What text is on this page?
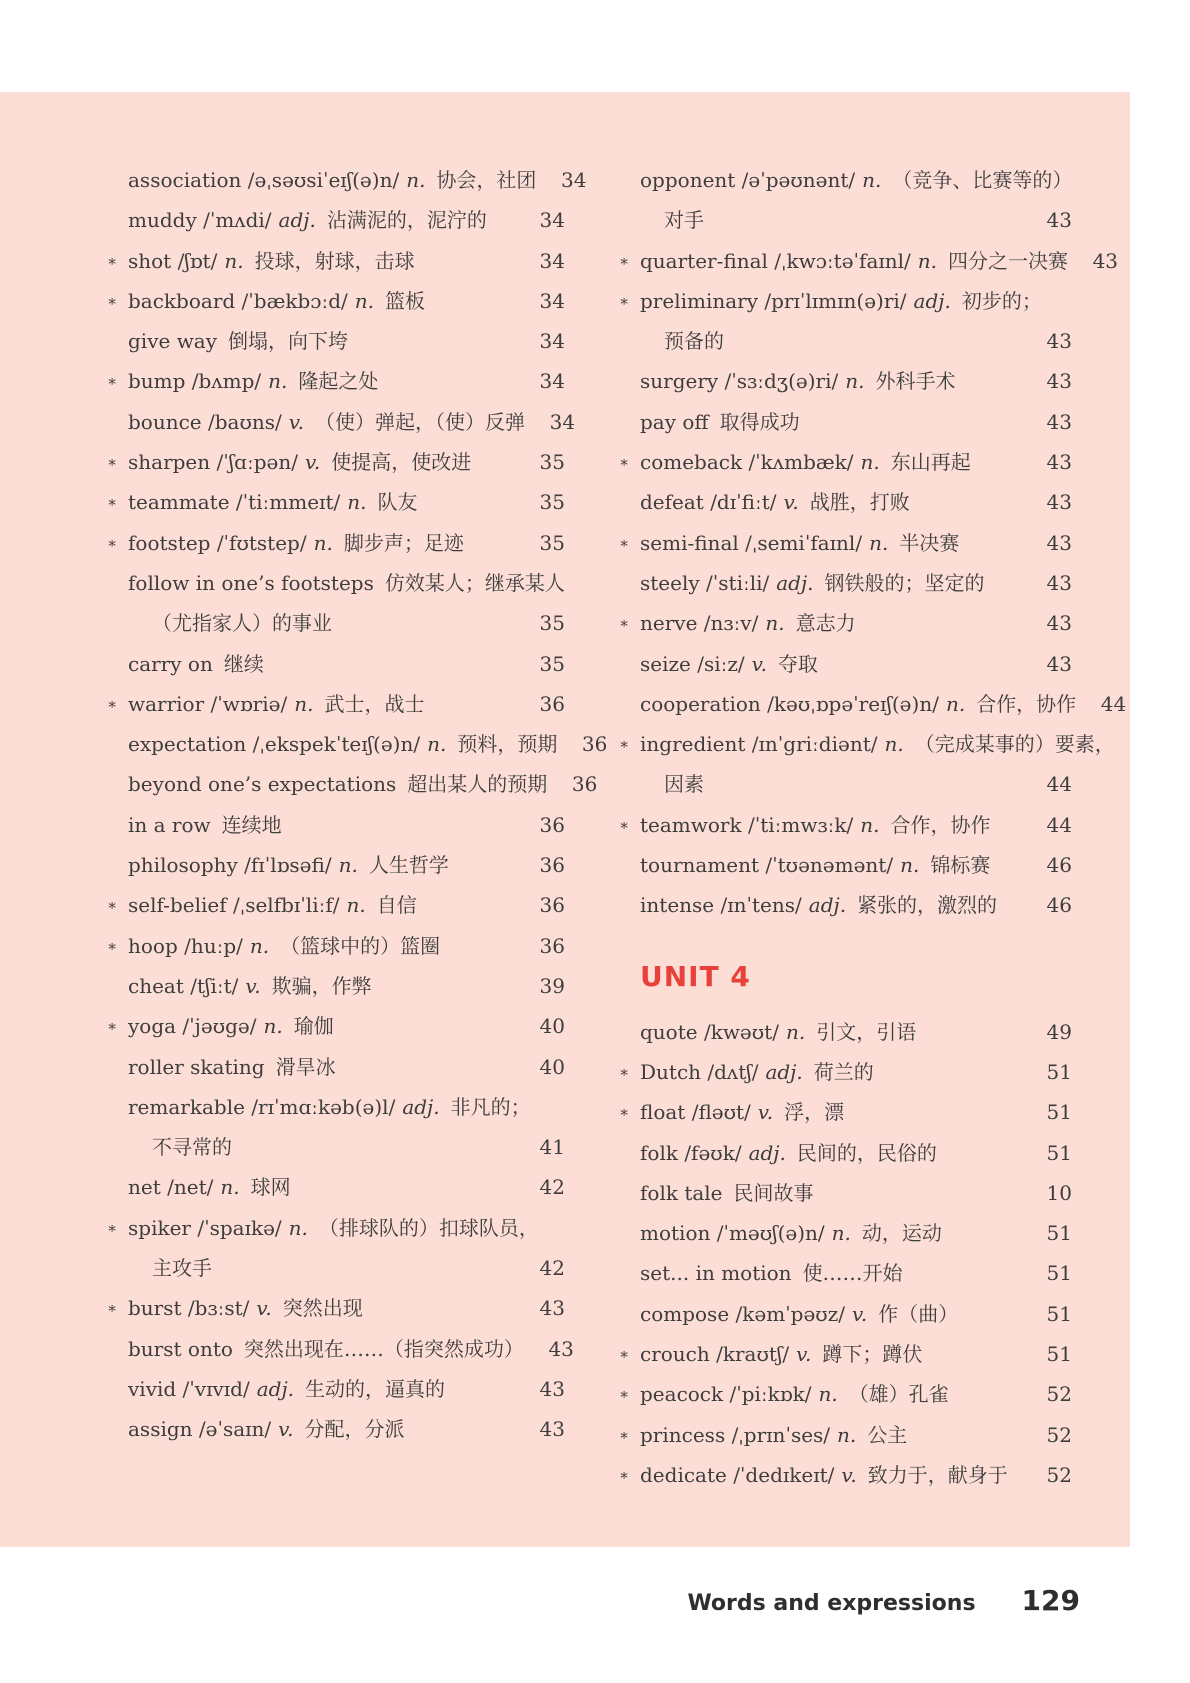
association /əˌsəʊsiˈeɪʃ(ə)n/ n. 协会，社团	34
muddy /ˈmʌdi/ adj. 沾满泥的，泥泞的	34
∗ shot /ʃɒt/ n. 投球，射球，击球	34
∗ backboard /ˈbækbɔːd/ n. 篮板	34
give way 倒塌，向下垮	34
∗ bump /bʌmp/ n. 隆起之处	34
bounce /baʊns/ v. （使）弹起，（使）反弹	34
∗ sharpen /ˈʃɑːpən/ v. 使提高，使改进	35
∗ teammate /ˈtiːmmeɪt/ n. 队友	35
∗ footstep /ˈfʊtstep/ n. 脚步声；足迹	35
follow in one’s footsteps 仿效某人；继承某人
（尤指家人）的事业	35
carry on 继续	35
∗ warrior /ˈwɒriə/ n. 武士，战士	36
expectation /ˌekspekˈteɪʃ(ə)n/ n. 预料，预期	36
beyond one’s expectations 超出某人的预期	36
in a row 连续地	36
philosophy /fɪˈlɒsəfi/ n. 人生哲学	36
∗ self-belief /ˌselfbɪˈliːf/ n. 自信	36
∗ hoop /huːp/ n. （篮球中的）篮圈	36
cheat /tʃiːt/ v. 欺骗，作弊	39
∗ yoga /ˈjəʊgə/ n. 瑜伽	40
roller skating 滑旱冰	40
remarkable /rɪˈmɑːkəb(ə)l/ adj. 非凡的；
不寻常的	41
net /net/ n. 球网	42
∗ spiker /ˈspaɪkə/ n. （排球队的）扣球队员，
主攻手	42
∗ burst /bɜːst/ v. 突然出现	43
burst onto 突然出现在……（指突然成功）	43
vivid /ˈvɪvɪd/ adj. 生动的，逼真的	43
assign /əˈsaɪn/ v. 分配，分派	43
opponent /əˈpəʊnənt/ n. （竞争、比赛等的）
对手	43
∗ quarter-final /ˌkwɔːtəˈfaɪnl/ n. 四分之一决赛	43
∗ preliminary /prɪˈlɪmɪn(ə)ri/ adj. 初步的；
预备的	43
surgery /ˈsɜːdʒ(ə)ri/ n. 外科手术	43
pay off 取得成功	43
∗ comeback /ˈkʌmbæk/ n. 东山再起	43
defeat /dɪˈfiːt/ v. 战胜，打败	43
∗ semi-final /ˌsemiˈfaɪnl/ n. 半决赛	43
steely /ˈstiːli/ adj. 钢铁般的；坚定的	43
∗ nerve /nɜːv/ n. 意志力	43
seize /siːz/ v. 夺取	43
cooperation /kəʊˌɒpəˈreɪʃ(ə)n/ n. 合作，协作	44
∗ ingredient /ɪnˈgriːdiənt/ n. （完成某事的）要素，
因素	44
∗ teamwork /ˈtiːmwɜːk/ n. 合作，协作	44
tournament /ˈtʊənəmənt/ n. 锦标赛	46
intense /ɪnˈtens/ adj. 紧张的，激烈的	46
UNIT 4
quote /kwəʊt/ n. 引文，引语	49
∗ Dutch /dʌtʃ/ adj. 荷兰的	51
∗ float /fləʊt/ v. 浮，漂	51
folk /fəʊk/ adj. 民间的，民俗的	51
folk tale 民间故事	10
motion /ˈməʊʃ(ə)n/ n. 动，运动	51
set... in motion 使……开始	51
compose /kəmˈpəʊz/ v. 作（曲）	51
∗ crouch /kraʊtʃ/ v. 蹲下；蹲伏	51
∗ peacock /ˈpiːkɒk/ n. （雄）孔雀	52
∗ princess /ˌprɪnˈses/ n. 公主	52
∗ dedicate /ˈdedɪkeɪt/ v. 致力于，献身于	52
Words and expressions 129
